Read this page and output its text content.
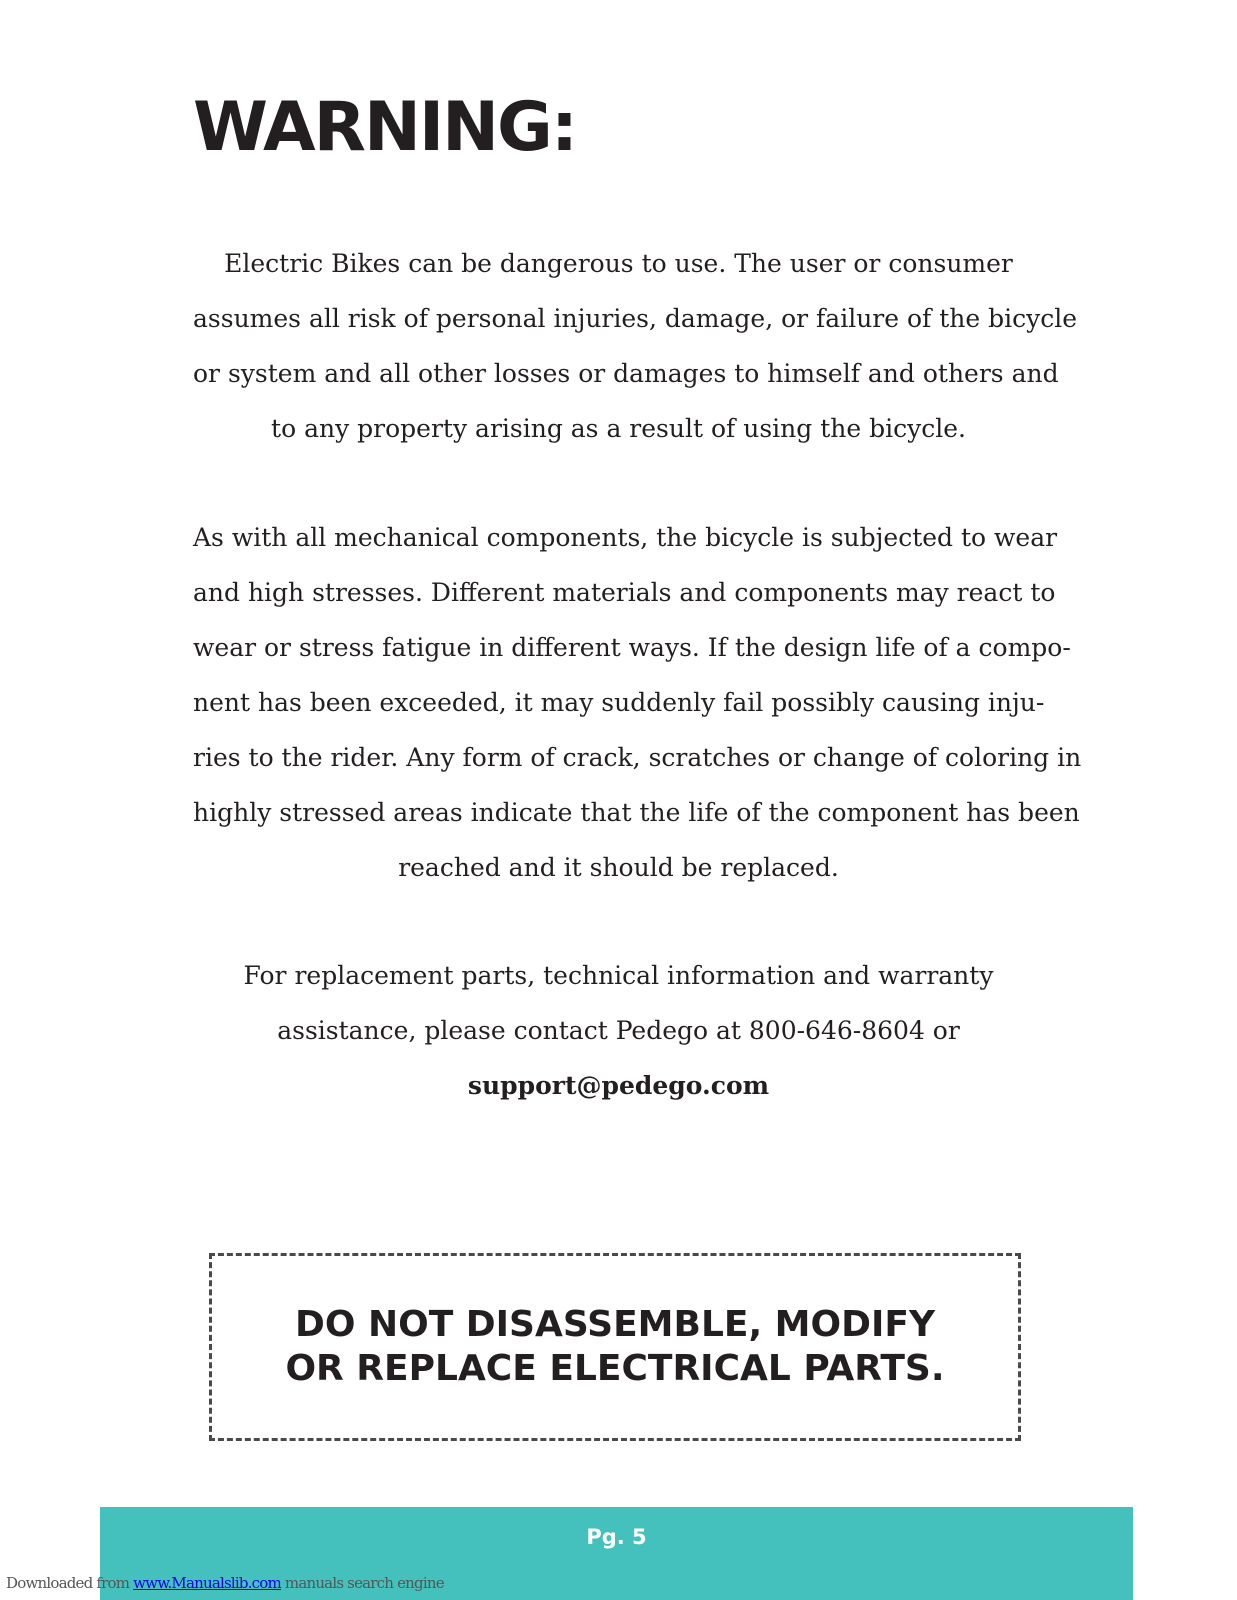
WARNING:

Electric Bikes can be dangerous to use. The user or consumer
assumes all risk of personal injuries, damage, or failure of the bicycle
or system and all other losses or damages to himself and others and
to any property arising as a result of using the bicycle.

As with all mechanical components, the bicycle is subjected to wear
and high stresses. Different materials and components may react to
wear or stress fatigue in different ways. If the design life of a compo-
nent has been exceeded, it may suddenly fail possibly causing inju-
ries to the rider. Any form of crack, scratches or change of coloring in
highly stressed areas indicate that the life of the component has been
reached and it should be replaced.

For replacement parts, technical information and warranty
assistance, please contact Pedego at 800-646-8604 or
support@pedego.com

DO NOT DISASSEMBLE, MODIFY
OR REPLACE ELECTRICAL PARTS.
Pg. 5
Downloaded from www.Manualslib.com manuals search engine
